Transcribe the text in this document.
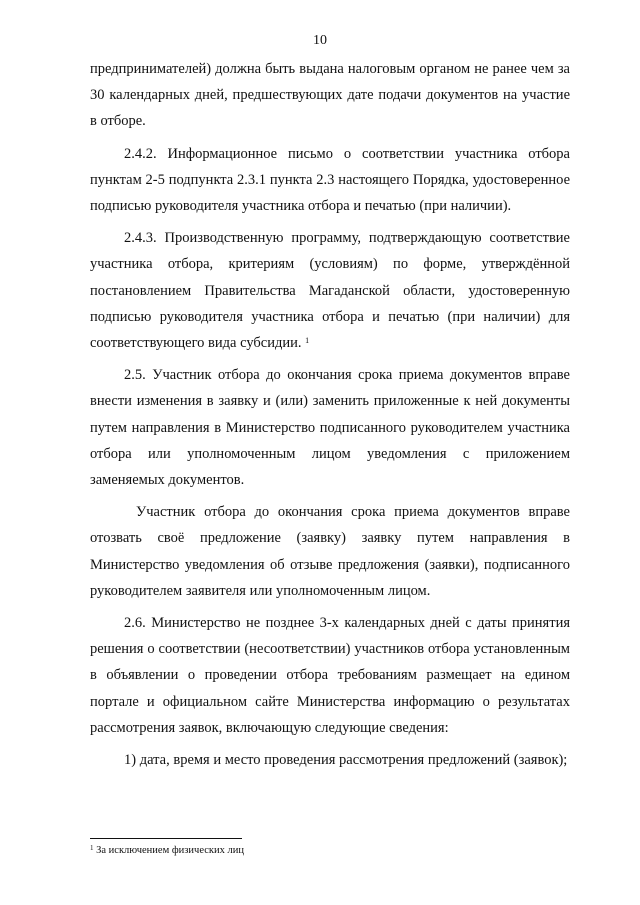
10

предпринимателей) должна быть выдана налоговым органом не ранее чем за 30 календарных дней, предшествующих дате подачи документов на участие в отборе.

2.4.2. Информационное письмо о соответствии участника отбора пунктам 2-5 подпункта 2.3.1 пункта 2.3 настоящего Порядка, удостоверенное подписью руководителя участника отбора и печатью (при наличии).

2.4.3. Производственную программу, подтверждающую соответствие участника отбора, критериям (условиям) по форме, утверждённой постановлением Правительства Магаданской области, удостоверенную подписью руководителя участника отбора и печатью (при наличии) для соответствующего вида субсидии. $^1$

2.5. Участник отбора до окончания срока приема документов вправе внести изменения в заявку и (или) заменить приложенные к ней документы путем направления в Министерство подписанного руководителем участника отбора или уполномоченным лицом уведомления с приложением заменяемых документов.

Участник отбора до окончания срока приема документов вправе отозвать своё предложение (заявку) заявку путем направления в Министерство уведомления об отзыве предложения (заявки), подписанного руководителем заявителя или уполномоченным лицом.

2.6. Министерство не позднее 3-х календарных дней с даты принятия решения о соответствии (несоответствии) участников отбора установленным в объявлении о проведении отбора требованиям размещает на едином портале и официальном сайте Министерства информацию о результатах рассмотрения заявок, включающую следующие сведения:

1) дата, время и место проведения рассмотрения предложений (заявок);

$^1$ За исключением физических лиц
